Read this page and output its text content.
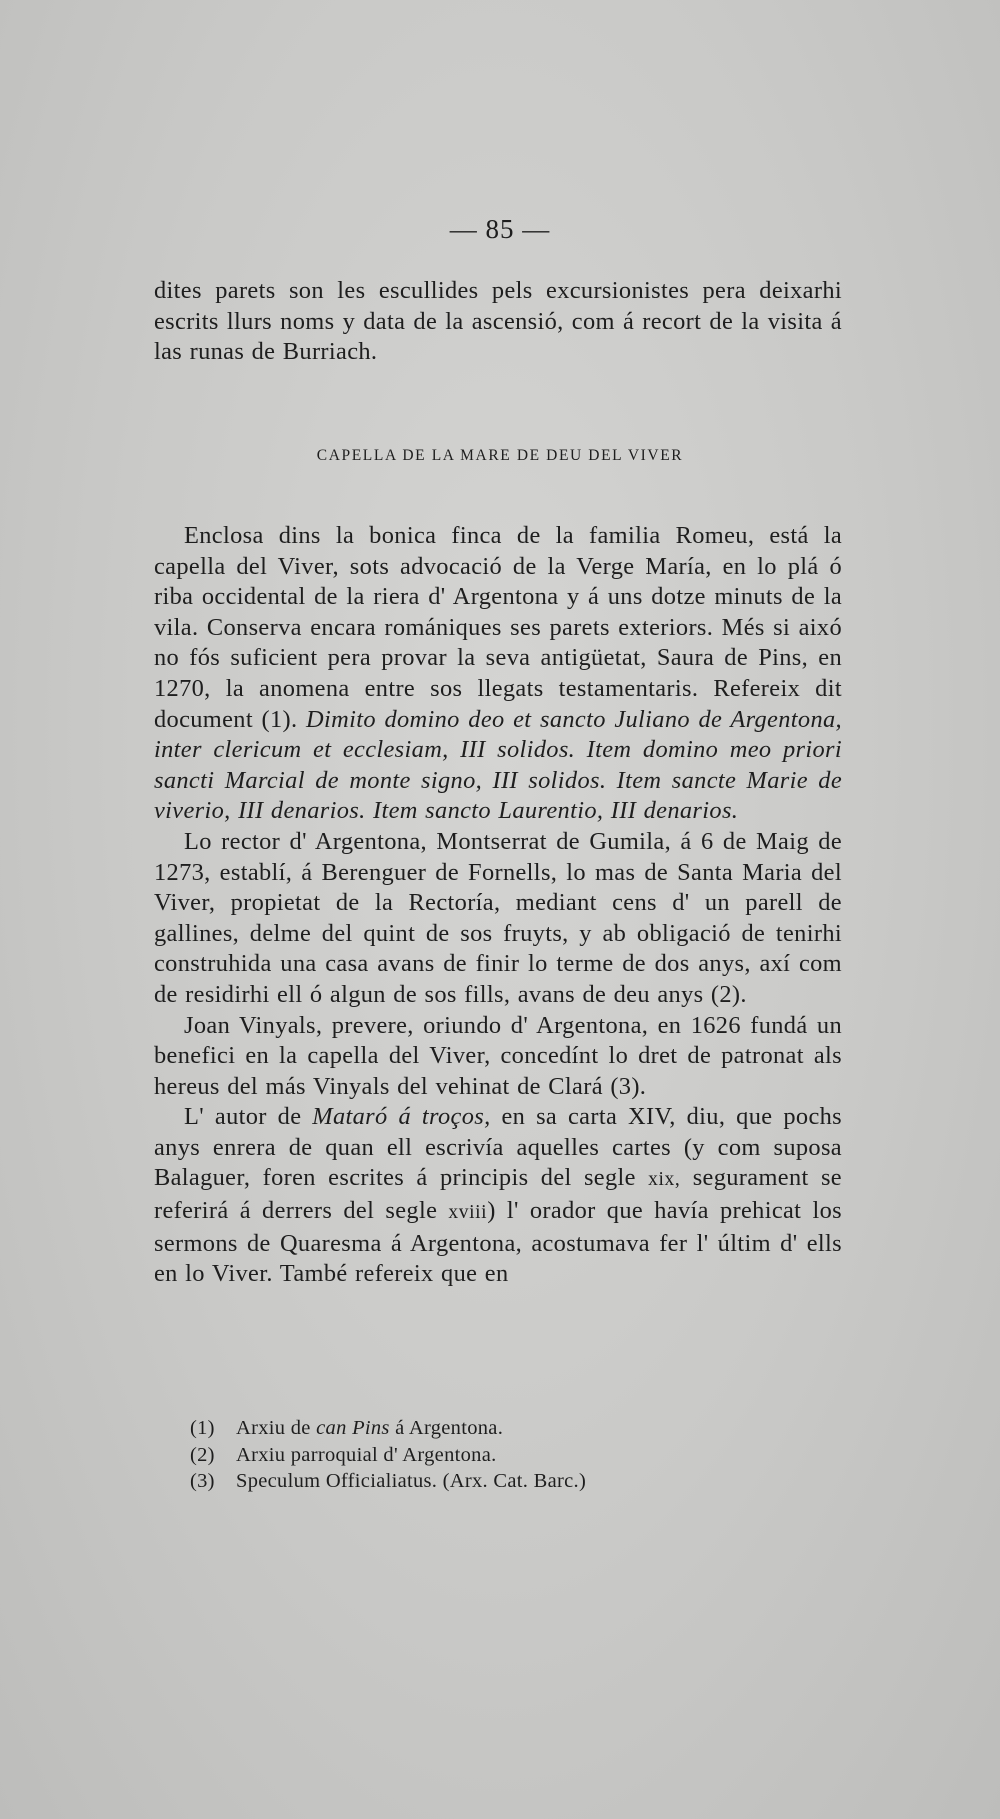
— 85 —

dites parets son les escullides pels excursionistes pera deixarhi escrits llurs noms y data de la ascensió, com á recort de la visita á las runas de Burriach.

CAPELLA DE LA MARE DE DEU DEL VIVER

Enclosa dins la bonica finca de la familia Romeu, está la capella del Viver, sots advocació de la Verge María, en lo plá ó riba occidental de la riera d' Argentona y á uns dotze minuts de la vila. Conserva encara romániques ses parets exteriors. Més si aixó no fós suficient pera provar la seva antigüetat, Saura de Pins, en 1270, la anomena entre sos llegats testamentaris. Refereix dit document (1). Dimito domino deo et sancto Juliano de Argentona, inter clericum et ecclesiam, III solidos. Item domino meo priori sancti Marcial de monte signo, III solidos. Item sancte Marie de viverio, III denarios. Item sancto Laurentio, III denarios.

Lo rector d' Argentona, Montserrat de Gumila, á 6 de Maig de 1273, establí, á Berenguer de Fornells, lo mas de Santa Maria del Viver, propietat de la Rectoría, mediant cens d' un parell de gallines, delme del quint de sos fruyts, y ab obligació de tenirhi construhida una casa avans de finir lo terme de dos anys, axí com de residirhi ell ó algun de sos fills, avans de deu anys (2).

Joan Vinyals, prevere, oriundo d' Argentona, en 1626 fundá un benefici en la capella del Viver, concedínt lo dret de patronat als hereus del más Vinyals del vehinat de Clará (3).

L' autor de Mataró á troços, en sa carta XIV, diu, que pochs anys enrera de quan ell escrivía aquelles cartes (y com suposa Balaguer, foren escrites á principis del segle xix, segurament se referirá á derrers del segle xviii) l' orador que havía prehicat los sermons de Quaresma á Argentona, acostumava fer l' últim d' ells en lo Viver. També refereix que en

(1)	Arxiu de can Pins á Argentona.

(2)	Arxiu parroquial d' Argentona.

(3)	Speculum Officialiatus. (Arx. Cat. Barc.)
